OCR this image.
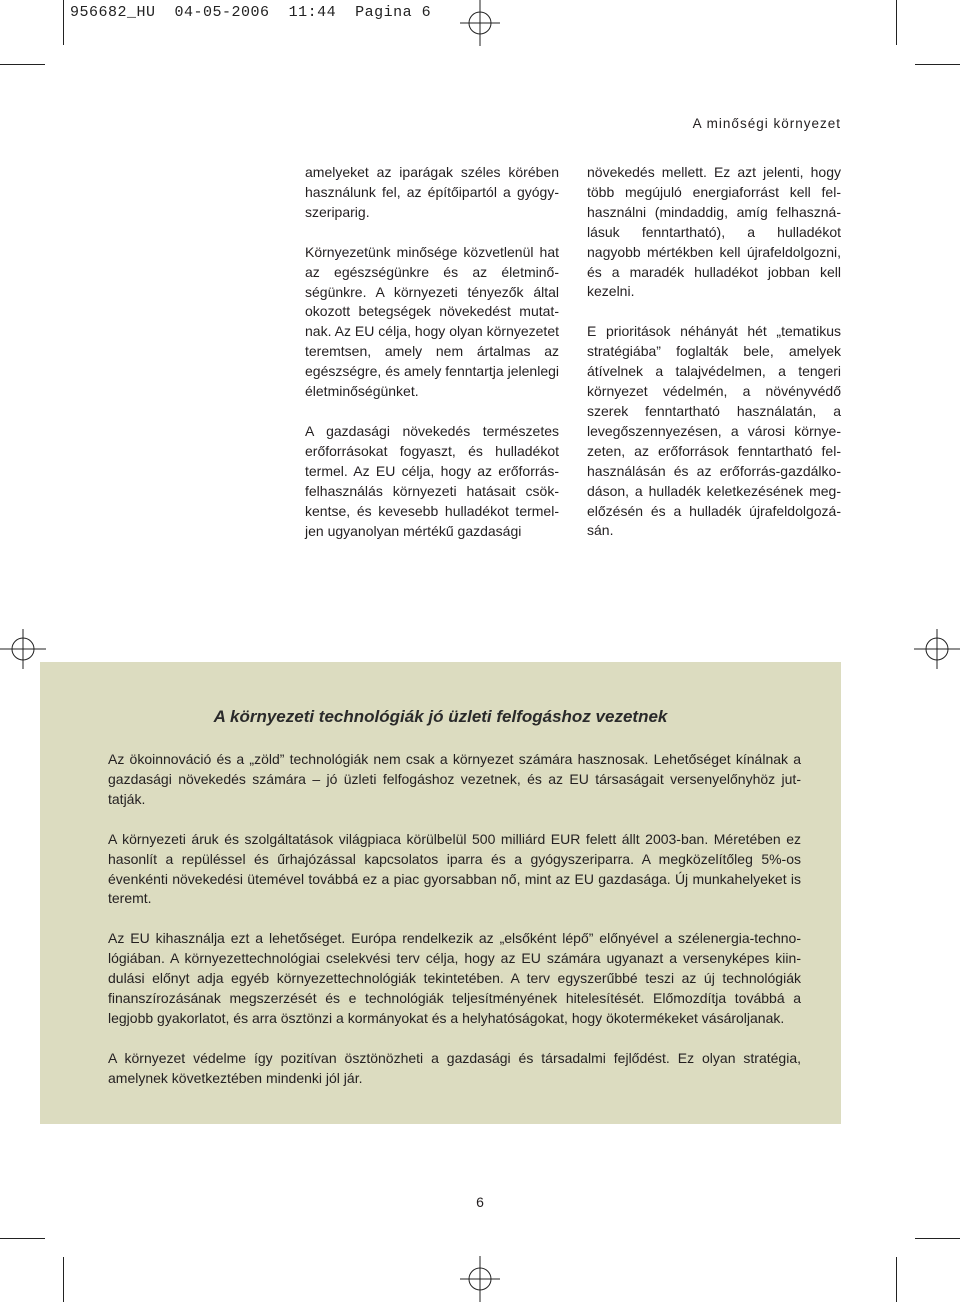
956682_HU 04-05-2006 11:44 Pagina 6
A minőségi környezet

amelyeket az iparágak széles körében használunk fel, az építőipartól a gyógyszeriparig.

Környezetünk minősége közvetlenül hat az egészségünkre és az életminőségünkre. A környezeti tényezők által okozott betegségek növekedést mutatnak. Az EU célja, hogy olyan környezetet teremtsen, amely nem ártalmas az egészségre, és amely fenntartja jelenlegi életminőségünket.

A gazdasági növekedés természetes erőforrásokat fogyaszt, és hulladékot termel. Az EU célja, hogy az erőforrásfelhasználás környezeti hatásait csökkentse, és kevesebb hulladékot termeljen ugyanolyan mértékű gazdasági

növekedés mellett. Ez azt jelenti, hogy több megújuló energiaforrást kell felhasználni (mindaddig, amíg felhasználásuk fenntartható), a hulladékot nagyobb mértékben kell újrafeldolgozni, és a maradék hulladékot jobban kell kezelni.

E prioritások néhányát hét „tematikus stratégiába” foglalták bele, amelyek átívelnek a talajvédelmen, a tengeri környezet védelmén, a növényvédő szerek fenntartható használatán, a levegőszennyezésen, a városi környezeten, az erőforrások fenntartható felhasználásán és az erőforrás-gazdálkodáson, a hulladék keletkezésének megelőzésén és a hulladék újrafeldolgozásán.

A környezeti technológiák jó üzleti felfogáshoz vezetnek

Az ökoinnováció és a „zöld” technológiák nem csak a környezet számára hasznosak. Lehetőséget kínálnak a gazdasági növekedés számára – jó üzleti felfogáshoz vezetnek, és az EU társaságait versenyelőnyhöz juttatják.

A környezeti áruk és szolgáltatások világpiaca körülbelül 500 milliárd EUR felett állt 2003-ban. Méretében ez hasonlít a repüléssel és űrhajózással kapcsolatos iparra és a gyógyszeriparra. A megközelítőleg 5%-os évenkénti növekedési ütemével továbbá ez a piac gyorsabban nő, mint az EU gazdasága. Új munkahelyeket is teremt.

Az EU kihasználja ezt a lehetőséget. Európa rendelkezik az „elsőként lépő” előnyével a szélenergia-technológiában. A környezettechnológiai cselekvési terv célja, hogy az EU számára ugyanazt a versenyképes kiindulási előnyt adja egyéb környezettechnológiák tekintetében. A terv egyszerűbbé teszi az új technológiák finanszírozásának megszerzését és e technológiák teljesítményének hitelesítését. Előmozdítja továbbá a legjobb gyakorlatot, és arra ösztönzi a kormányokat és a helyhatóságokat, hogy ökotermékeket vásároljanak.

A környezet védelme így pozitívan ösztönözheti a gazdasági és társadalmi fejlődést. Ez olyan stratégia, amelynek következtében mindenki jól jár.

6
